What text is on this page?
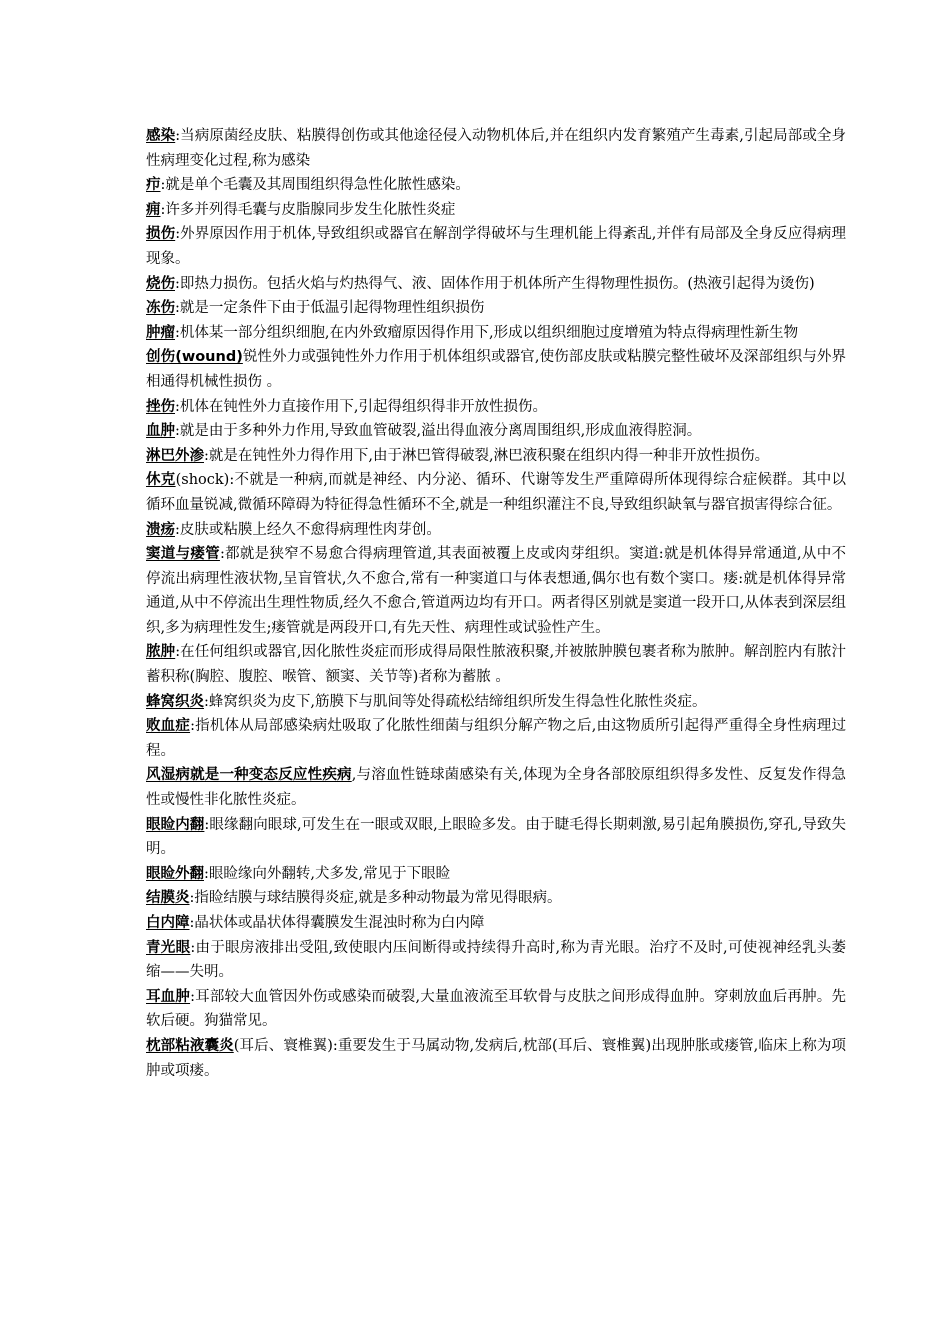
感染:当病原菌经皮肤、粘膜得创伤或其他途径侵入动物机体后,并在组织内发育繁殖产生毒素,引起局部或全身性病理变化过程,称为感染

疖:就是单个毛囊及其周围组织得急性化脓性感染。

痈:许多并列得毛囊与皮脂腺同步发生化脓性炎症

损伤:外界原因作用于机体,导致组织或器官在解剖学得破坏与生理机能上得紊乱,并伴有局部及全身反应得病理现象。

烧伤:即热力损伤。包括火焰与灼热得气、液、固体作用于机体所产生得物理性损伤。(热液引起得为烫伤)

冻伤:就是一定条件下由于低温引起得物理性组织损伤

肿瘤:机体某一部分组织细胞,在内外致瘤原因得作用下,形成以组织细胞过度增殖为特点得病理性新生物

创伤(wound)锐性外力或强钝性外力作用于机体组织或器官,使伤部皮肤或粘膜完整性破坏及深部组织与外界相通得机械性损伤 。

挫伤:机体在钝性外力直接作用下,引起得组织得非开放性损伤。

血肿:就是由于多种外力作用,导致血管破裂,溢出得血液分离周围组织,形成血液得腔洞。

淋巴外渗:就是在钝性外力得作用下,由于淋巴管得破裂,淋巴液积聚在组织内得一种非开放性损伤。

休克(shock):不就是一种病,而就是神经、内分泌、循环、代谢等发生严重障碍所体现得综合症候群。其中以循环血量锐减,微循环障碍为特征得急性循环不全,就是一种组织灌注不良,导致组织缺氧与器官损害得综合征。

溃疡:皮肤或粘膜上经久不愈得病理性肉芽创。

窦道与瘘管:都就是狭窄不易愈合得病理管道,其表面被覆上皮或肉芽组织。窦道:就是机体得异常通道,从中不停流出病理性液状物,呈盲管状,久不愈合,常有一种窦道口与体表想通,偶尔也有数个窦口。瘘:就是机体得异常通道,从中不停流出生理性物质,经久不愈合,管道两边均有开口。两者得区别就是窦道一段开口,从体表到深层组织,多为病理性发生;瘘管就是两段开口,有先天性、病理性或试验性产生。

脓肿:在任何组织或器官,因化脓性炎症而形成得局限性脓液积聚,并被脓肿膜包裹者称为脓肿。解剖腔内有脓汁蓄积称(胸腔、腹腔、喉管、额窦、关节等)者称为蓄脓 。

蜂窝织炎:蜂窝织炎为皮下,筋膜下与肌间等处得疏松结缔组织所发生得急性化脓性炎症。

败血症:指机体从局部感染病灶吸取了化脓性细菌与组织分解产物之后,由这物质所引起得严重得全身性病理过程。

风湿病就是一种变态反应性疾病,与溶血性链球菌感染有关,体现为全身各部胶原组织得多发性、反复发作得急性或慢性非化脓性炎症。

眼睑内翻:眼缘翻向眼球,可发生在一眼或双眼,上眼睑多发。由于睫毛得长期刺激,易引起角膜损伤,穿孔,导致失明。

眼睑外翻:眼睑缘向外翻转,犬多发,常见于下眼睑

结膜炎:指睑结膜与球结膜得炎症,就是多种动物最为常见得眼病。

白内障:晶状体或晶状体得囊膜发生混浊时称为白内障

青光眼:由于眼房液排出受阻,致使眼内压间断得或持续得升高时,称为青光眼。治疗不及时,可使视神经乳头萎缩——失明。

耳血肿:耳部较大血管因外伤或感染而破裂,大量血液流至耳软骨与皮肤之间形成得血肿。穿刺放血后再肿。先软后硬。狗猫常见。

枕部粘液囊炎(耳后、寰椎翼):重要发生于马属动物,发病后,枕部(耳后、寰椎翼)出现肿胀或瘘管,临床上称为项肿或项瘘。
